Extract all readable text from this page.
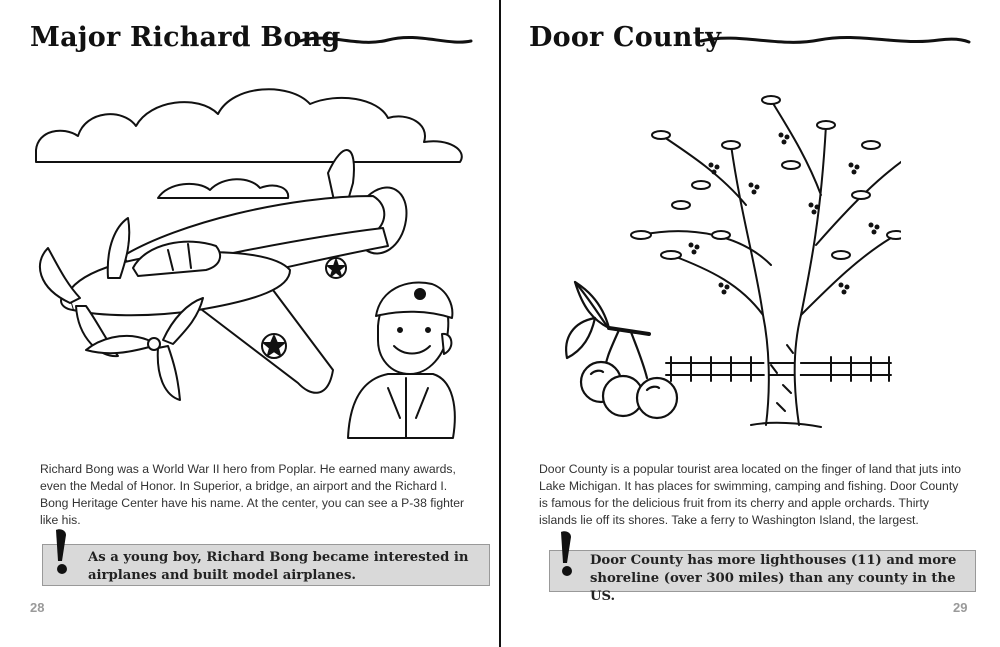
Major Richard Bong
Richard Bong was a World War II hero from Poplar. He earned many awards, even the Medal of Honor. In Superior, a bridge, an airport and the Richard I. Bong Heritage Center have his name. At the center, you can see a P-38 fighter like his.
As a young boy, Richard Bong became interested in airplanes and built model airplanes.
28
Door County
Door County is a popular tourist area located on the finger of land that juts into Lake Michigan. It has places for swimming, camping and fishing. Door County is famous for the delicious fruit from its cherry and apple orchards. Thirty islands lie off its shores. Take a ferry to Washington Island, the largest.
Door County has more lighthouses (11) and more shoreline (over 300 miles) than any county in the US.
29
